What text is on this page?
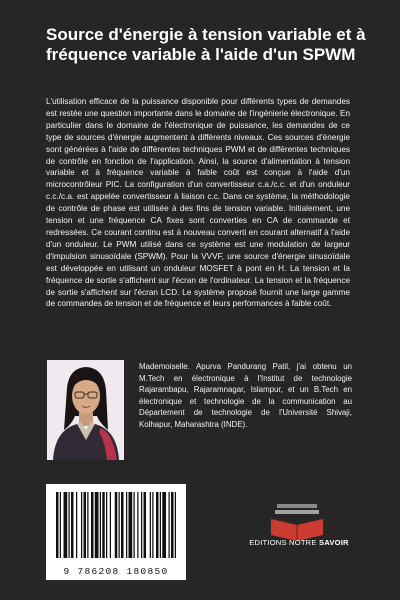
Source d'énergie à tension variable et à fréquence variable à l'aide d'un SPWM

L'utilisation efficace de la puissance disponible pour différents types de demandes est restée une question importante dans le domaine de l'ingénierie électronique. En particulier dans le domaine de l'électronique de puissance, les demandes de ce type de sources d'énergie augmentent à différents niveaux. Ces sources d'énergie sont générées à l'aide de différentes techniques PWM et de différentes techniques de contrôle en fonction de l'application. Ainsi, la source d'alimentation à tension variable et à fréquence variable à faible coût est conçue à l'aide d'un microcontrôleur PIC. La configuration d'un convertisseur c.a./c.c. et d'un onduleur c.c./c.a. est appelée convertisseur à liaison c.c. Dans ce système, la méthodologie de contrôle de phase est utilisée à des fins de tension variable. Initialement, une tension et une fréquence CA fixes sont converties en CA de commande et redressées. Ce courant continu est à nouveau converti en courant alternatif à l'aide d'un onduleur. Le PWM utilisé dans ce système est une modulation de largeur d'impulsion sinusoïdale (SPWM). Pour la VVVF, une source d'énergie sinusoïdale est développée en utilisant un onduleur MOSFET à pont en H. La tension et la fréquence de sortie s'affichent sur l'écran de l'ordinateur. La tension et la fréquence de sortie s'affichent sur l'écran LCD. Le système proposé fournit une large gamme de commandes de tension et de fréquence et leurs performances à faible coût.

Mademoiselle. Apurva Pandurang Patil, j'ai obtenu un M.Tech en électronique à l'Institut de technologie Rajarambapu, Rajaramnagar, Islampur, et un B.Tech en électronique et technologie de la communication au Département de technologie de l'Université Shivaji, Kolhapur, Maharashtra (INDE).

9 786208 180850
EDITIONS NOTRE SAVOIR
